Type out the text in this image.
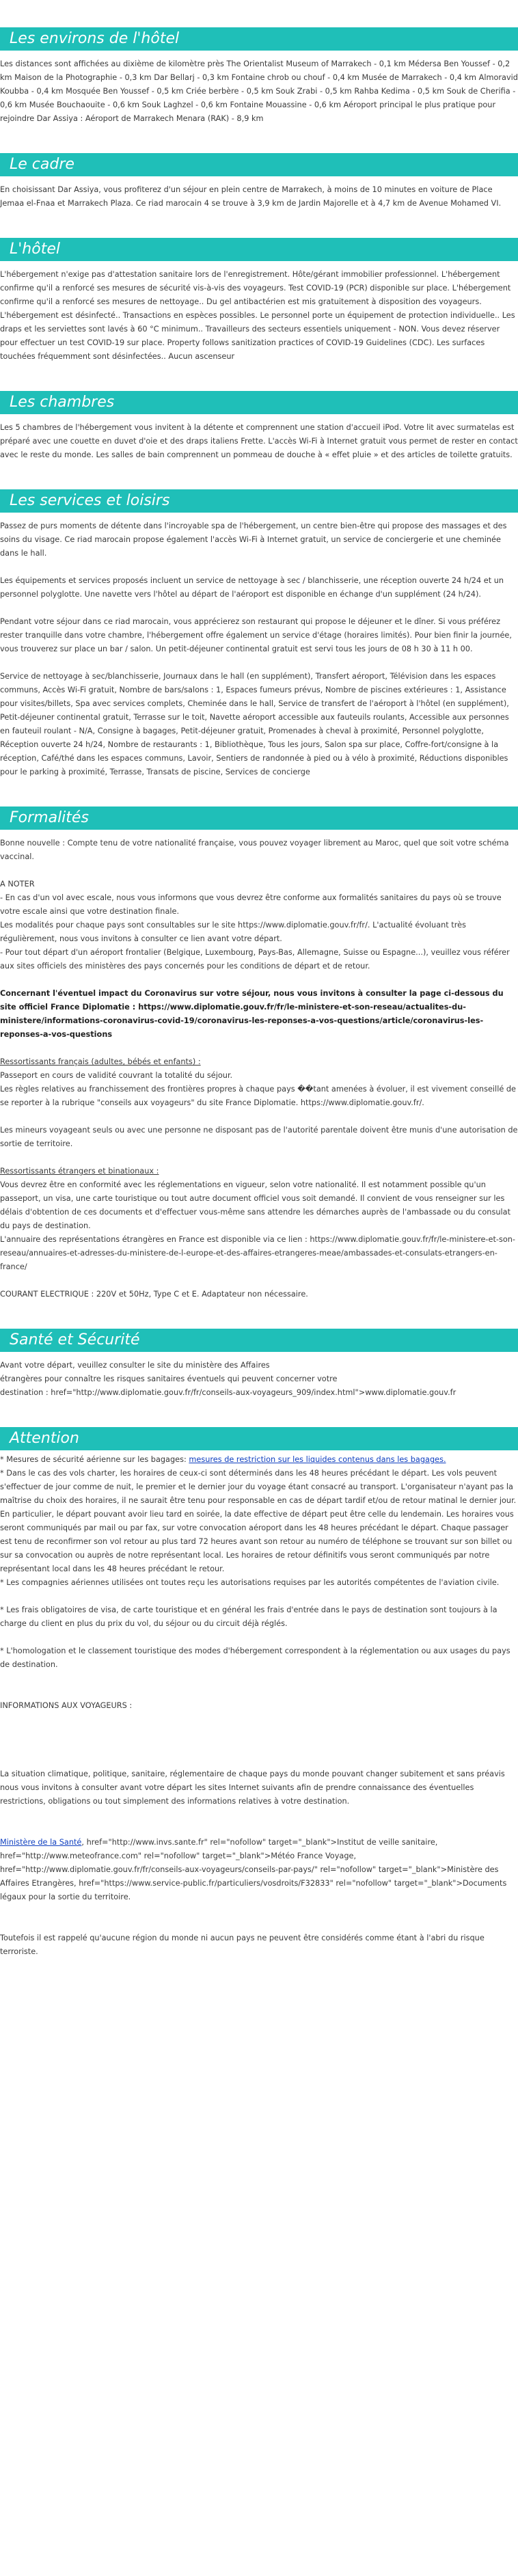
Les environs de l'hôtel

Les distances sont affichées au dixième de kilomètre près The Orientalist Museum of Marrakech - 0,1 km Médersa Ben Youssef - 0,2 km Maison de la Photographie - 0,3 km Dar Bellarj - 0,3 km Fontaine chrob ou chouf - 0,4 km Musée de Marrakech - 0,4 km Almoravid Koubba - 0,4 km Mosquée Ben Youssef - 0,5 km Criée berbère - 0,5 km Souk Zrabi - 0,5 km Rahba Kedima - 0,5 km Souk de Cherifia - 0,6 km Musée Bouchaouite - 0,6 km Souk Laghzel - 0,6 km Fontaine Mouassine - 0,6 km Aéroport principal le plus pratique pour rejoindre Dar Assiya : Aéroport de Marrakech Menara (RAK) - 8,9 km

Le cadre

En choisissant Dar Assiya, vous profiterez d'un séjour en plein centre de Marrakech, à moins de 10 minutes en voiture de Place Jemaa el-Fnaa et Marrakech Plaza. Ce riad marocain 4 se trouve à 3,9 km de Jardin Majorelle et à 4,7 km de Avenue Mohamed VI.

L'hôtel

L'hébergement n'exige pas d'attestation sanitaire lors de l'enregistrement. Hôte/gérant immobilier professionnel. L'hébergement confirme qu'il a renforcé ses mesures de sécurité vis-à-vis des voyageurs. Test COVID-19 (PCR) disponible sur place. L'hébergement confirme qu'il a renforcé ses mesures de nettoyage.. Du gel antibactérien est mis gratuitement à disposition des voyageurs. L'hébergement est désinfecté.. Transactions en espèces possibles. Le personnel porte un équipement de protection individuelle.. Les draps et les serviettes sont lavés à 60 °C minimum.. Travailleurs des secteurs essentiels uniquement - NON. Vous devez réserver pour effectuer un test COVID-19 sur place. Property follows sanitization practices of COVID-19 Guidelines (CDC). Les surfaces touchées fréquemment sont désinfectées.. Aucun ascenseur

Les chambres

Les 5 chambres de l'hébergement vous invitent à la détente et comprennent une station d'accueil iPod. Votre lit avec surmatelas est préparé avec une couette en duvet d'oie et des draps italiens Frette. L'accès Wi-Fi à Internet gratuit vous permet de rester en contact avec le reste du monde. Les salles de bain comprennent un pommeau de douche à « effet pluie » et des articles de toilette gratuits.

Les services et loisirs

Passez de purs moments de détente dans l'incroyable spa de l'hébergement, un centre bien-être qui propose des massages et des soins du visage. Ce riad marocain propose également l'accès Wi-Fi à Internet gratuit, un service de conciergerie et une cheminée dans le hall.

Les équipements et services proposés incluent un service de nettoyage à sec / blanchisserie, une réception ouverte 24 h/24 et un personnel polyglotte. Une navette vers l'hôtel au départ de l'aéroport est disponible en échange d'un supplément (24 h/24).

Pendant votre séjour dans ce riad marocain, vous apprécierez son restaurant qui propose le déjeuner et le dîner. Si vous préférez rester tranquille dans votre chambre, l'hébergement offre également un service d'étage (horaires limités). Pour bien finir la journée, vous trouverez sur place un bar / salon. Un petit-déjeuner continental gratuit est servi tous les jours de 08 h 30 à 11 h 00.

Service de nettoyage à sec/blanchisserie, Journaux dans le hall (en supplément), Transfert aéroport, Télévision dans les espaces communs, Accès Wi-Fi gratuit, Nombre de bars/salons : 1, Espaces fumeurs prévus, Nombre de piscines extérieures : 1, Assistance pour visites/billets, Spa avec services complets, Cheminée dans le hall, Service de transfert de l'aéroport à l'hôtel (en supplément), Petit-déjeuner continental gratuit, Terrasse sur le toit, Navette aéroport accessible aux fauteuils roulants, Accessible aux personnes en fauteuil roulant - N/A, Consigne à bagages, Petit-déjeuner gratuit, Promenades à cheval à proximité, Personnel polyglotte, Réception ouverte 24 h/24, Nombre de restaurants : 1, Bibliothèque, Tous les jours, Salon spa sur place, Coffre-fort/consigne à la réception, Café/thé dans les espaces communs, Lavoir, Sentiers de randonnée à pied ou à vélo à proximité, Réductions disponibles pour le parking à proximité, Terrasse, Transats de piscine, Services de concierge

Formalités

Bonne nouvelle : Compte tenu de votre nationalité française, vous pouvez voyager librement au Maroc, quel que soit votre schéma vaccinal.

A NOTER

- En cas d'un vol avec escale, nous vous informons que vous devrez être conforme aux formalités sanitaires du pays où se trouve votre escale ainsi que votre destination finale.

Les modalités pour chaque pays sont consultables sur le site https://www.diplomatie.gouv.fr/fr/. L'actualité évoluant très régulièrement, nous vous invitons à consulter ce lien avant votre départ.

- Pour tout départ d'un aéroport frontalier (Belgique, Luxembourg, Pays-Bas, Allemagne, Suisse ou Espagne...), veuillez vous référer aux sites officiels des ministères des pays concernés pour les conditions de départ et de retour.

Concernant l'éventuel impact du Coronavirus sur votre séjour, nous vous invitons à consulter la page ci-dessous du site officiel France Diplomatie : https://www.diplomatie.gouv.fr/fr/le-ministere-et-son-reseau/actualites-du-ministere/informations-coronavirus-covid-19/coronavirus-les-reponses-a-vos-questions/article/coronavirus-les-reponses-a-vos-questions

Ressortissants français (adultes, bébés et enfants) :

Passeport en cours de validité couvrant la totalité du séjour.

Les règles relatives au franchissement des frontières propres à chaque pays ��tant amenées à évoluer, il est vivement conseillé de se reporter à la rubrique "conseils aux voyageurs" du site France Diplomatie. https://www.diplomatie.gouv.fr/.

Les mineurs voyageant seuls ou avec une personne ne disposant pas de l'autorité parentale doivent être munis d'une autorisation de sortie de territoire.

Ressortissants étrangers et binationaux :

Vous devrez être en conformité avec les réglementations en vigueur, selon votre nationalité. Il est notamment possible qu'un passeport, un visa, une carte touristique ou tout autre document officiel vous soit demandé. Il convient de vous renseigner sur les délais d'obtention de ces documents et d'effectuer vous-même sans attendre les démarches auprès de l'ambassade ou du consulat du pays de destination.

L'annuaire des représentations étrangères en France est disponible via ce lien : https://www.diplomatie.gouv.fr/fr/le-ministere-et-son-reseau/annuaires-et-adresses-du-ministere-de-l-europe-et-des-affaires-etrangeres-meae/ambassades-et-consulats-etrangers-en-france/

COURANT ELECTRIQUE : 220V et 50Hz, Type C et E. Adaptateur non nécessaire.

Santé et Sécurité

Avant votre départ, veuillez consulter le site du ministère des Affaires

étrangères pour connaître les risques sanitaires éventuels qui peuvent concerner votre

destination : href="http://www.diplomatie.gouv.fr/fr/conseils-aux-voyageurs_909/index.html">www.diplomatie.gouv.fr

Attention

* Mesures de sécurité aérienne sur les bagages: mesures de restriction sur les liquides contenus dans les bagages.

* Dans le cas des vols charter, les horaires de ceux-ci sont déterminés dans les 48 heures précédant le départ. Les vols peuvent s'effectuer de jour comme de nuit, le premier et le dernier jour du voyage étant consacré au transport. L'organisateur n'ayant pas la maîtrise du choix des horaires, il ne saurait être tenu pour responsable en cas de départ tardif et/ou de retour matinal le dernier jour. En particulier, le départ pouvant avoir lieu tard en soirée, la date effective de départ peut être celle du lendemain. Les horaires vous seront communiqués par mail ou par fax, sur votre convocation aéroport dans les 48 heures précédant le départ. Chaque passager est tenu de reconfirmer son vol retour au plus tard 72 heures avant son retour au numéro de téléphone se trouvant sur son billet ou sur sa convocation ou auprès de notre représentant local. Les horaires de retour définitifs vous seront communiqués par notre représentant local dans les 48 heures précédant le retour.

* Les compagnies aériennes utilisées ont toutes reçu les autorisations requises par les autorités compétentes de l'aviation civile.

* Les frais obligatoires de visa, de carte touristique et en général les frais d'entrée dans le pays de destination sont toujours à la charge du client en plus du prix du vol, du séjour ou du circuit déjà réglés.

* L'homologation et le classement touristique des modes d'hébergement correspondent à la réglementation ou aux usages du pays de destination.

INFORMATIONS AUX VOYAGEURS :

La situation climatique, politique, sanitaire, réglementaire de chaque pays du monde pouvant changer subitement et sans préavis

nous vous invitons à consulter avant votre départ les sites Internet suivants afin de prendre connaissance des éventuelles restrictions, obligations ou tout simplement des informations relatives à votre destination.

Ministère de la Santé, href="http://www.invs.sante.fr" rel="nofollow" target="_blank">Institut de veille sanitaire, href="http://www.meteofrance.com" rel="nofollow" target="_blank">Météo France Voyage, href="http://www.diplomatie.gouv.fr/fr/conseils-aux-voyageurs/conseils-par-pays/" rel="nofollow" target="_blank">Ministère des Affaires Etrangères, href="https://www.service-public.fr/particuliers/vosdroits/F32833" rel="nofollow" target="_blank">Documents légaux pour la sortie du territoire.

Toutefois il est rappelé qu'aucune région du monde ni aucun pays ne peuvent être considérés comme étant à l'abri du risque terroriste.
